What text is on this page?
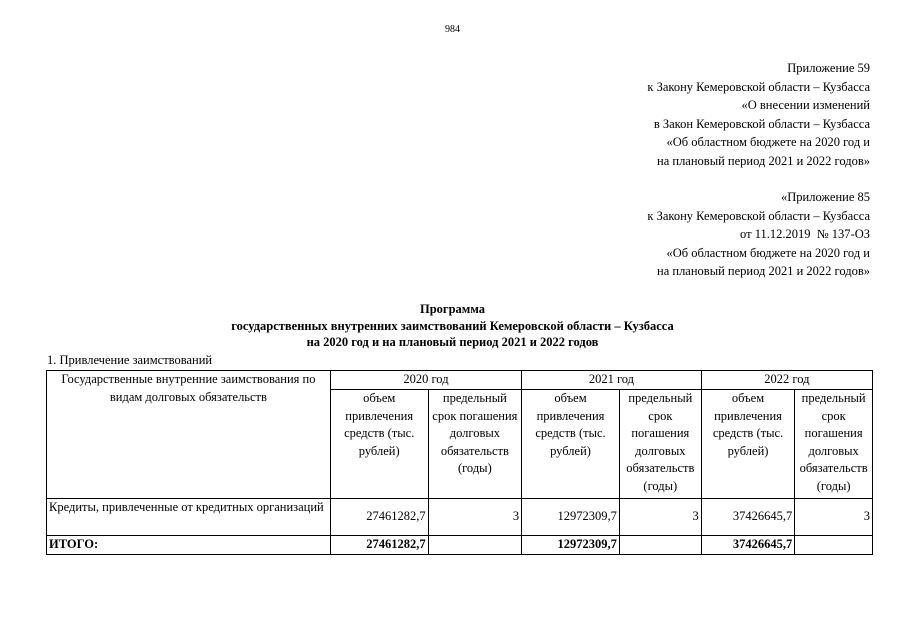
984
Приложение 59
к Закону Кемеровской области – Кузбасса
«О внесении изменений
в Закон Кемеровской области – Кузбасса
«Об областном бюджете на 2020 год и
на плановый период 2021 и 2022 годов»
«Приложение 85
к Закону Кемеровской области – Кузбасса
от 11.12.2019  № 137-ОЗ
«Об областном бюджете на 2020 год и
на плановый период 2021 и 2022 годов»
Программа
государственных внутренних заимствований Кемеровской области – Кузбасса
на 2020 год и на плановый период 2021 и 2022 годов
1. Привлечение заимствований
Государственные внутренние заимствования по видам долговых обязательств	2020 год		2021 год		2022 год	
	объем привлечения средств (тыс. рублей)	предельный срок погашения долговых обязательств (годы)	объем привлечения средств (тыс. рублей)	предельный срок погашения долговых обязательств (годы)	объем привлечения средств (тыс. рублей)	предельный срок погашения долговых обязательств (годы)
Кредиты, привлеченные от кредитных организаций	27461282,7	3	12972309,7	3	37426645,7	3
ИТОГО:	27461282,7		12972309,7		37426645,7	
